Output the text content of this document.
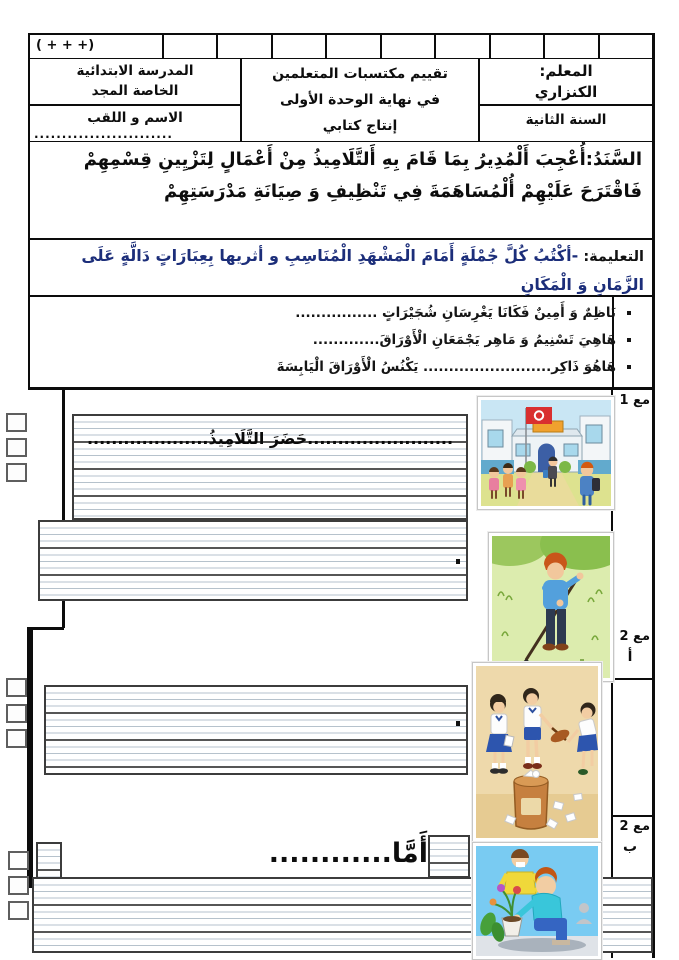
( + + +)
المعلم:
الكنزاري
السنة الثانية
تقييم مكتسبات المتعلمين
في نهاية الوحدة الأولى
إنتاج كتابي
المدرسة الابتدائية
الخاصة المجد
الاسم و اللقب
.........................
السَّنَدُ:أُعْجِبَ أَلْمُدِيرُ بِمَا قَامَ بِهِ أَلتَّلَامِيذُ مِنْ أَعْمَالٍ لِتَزْيِينِ قِسْمِهِمْ فَاقْتَرَحَ عَلَيْهِمْ أُلْمُسَاهَمَةَ فِي تَنْظِيفِ وَ صِيَانَةِ مَدْرَسَتِهِمْ
التعليمة: -أكْتُبُ كُلَّ جُمْلَةٍ أَمَامَ الْمَشْهَدِ الْمُنَاسِبِ و أثريها بِعِبَارَاتٍ دَالَّةٍ عَلَى الزَّمَانِ وَ الْمَكَانِ
▪ نَاظِمٌ وَ أَمِينٌ فَكَانَا يَغْرِسَانِ شُجَيْرَاتٍ ................
▪ هَاهِيَ تَسْنِيمُ وَ مَاهِر يَجْمَعَانِ الْأَوْرَاقَ.............
▪ هَاهُوَ ذَاكِر......................... يَكْنُسُ الْأَوْرَاقَ الْيَابِسَةَ
مع 1
مع 2
أ
مع 2
ب
........................حَضَرَ التَّلَامِيذُ....................
أَمَّا............
